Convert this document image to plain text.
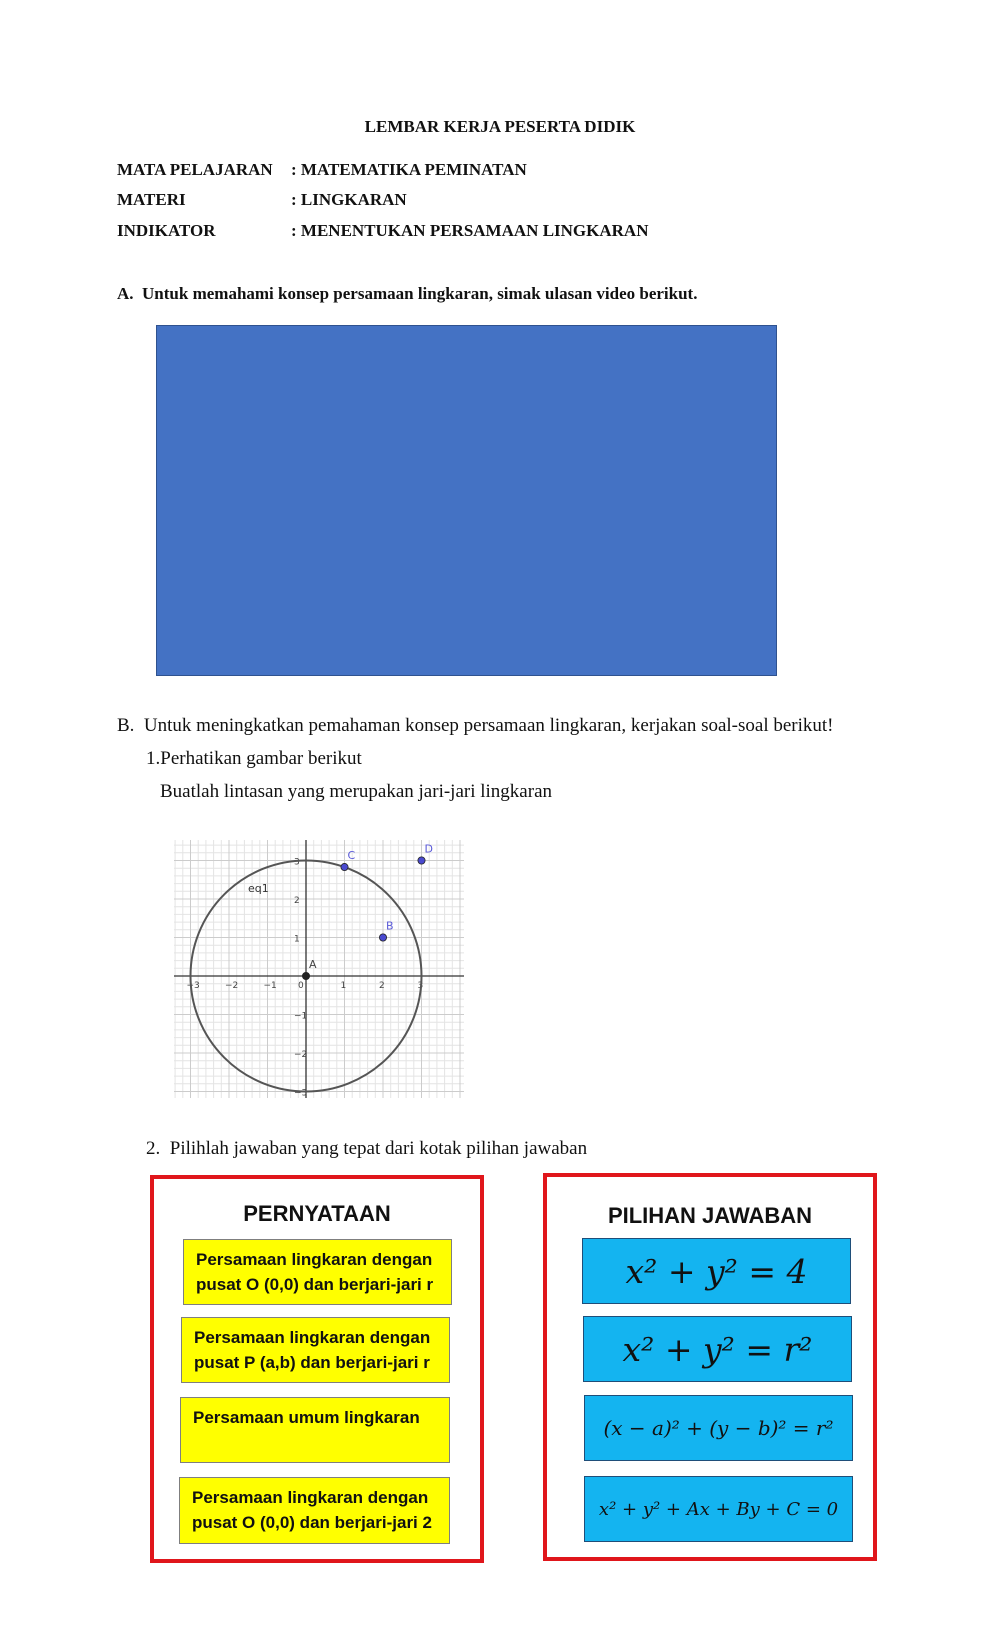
LEMBAR KERJA PESERTA DIDIK
MATA PELAJARAN : MATEMATIKA PEMINATAN
MATERI	: LINGKARAN
INDIKATOR	: MENENTUKAN PERSAMAAN LINGKARAN
A.  Untuk memahami konsep persamaan lingkaran, simak ulasan video berikut.
B.  Untuk meningkatkan pemahaman konsep persamaan lingkaran, kerjakan soal-soal berikut!
1.Perhatikan gambar berikut
Buatlah lintasan yang merupakan jari-jari lingkaran
−3	−2	−1 0	1	2	3
3
2
1
−1
−2
−3
eq1
A
B
C
D
2.  Pilihlah jawaban yang tepat dari kotak pilihan jawaban
PERNYATAAN
Persamaan lingkaran dengan pusat O (0,0) dan berjari-jari r
Persamaan lingkaran dengan pusat P (a,b) dan berjari-jari r
Persamaan umum lingkaran
Persamaan lingkaran dengan pusat O (0,0) dan berjari-jari 2
PILIHAN JAWABAN
x² + y² = 4
x² + y² = r²
(x − a)² + (y − b)² = r²
x² + y² + Ax + By + C = 0
